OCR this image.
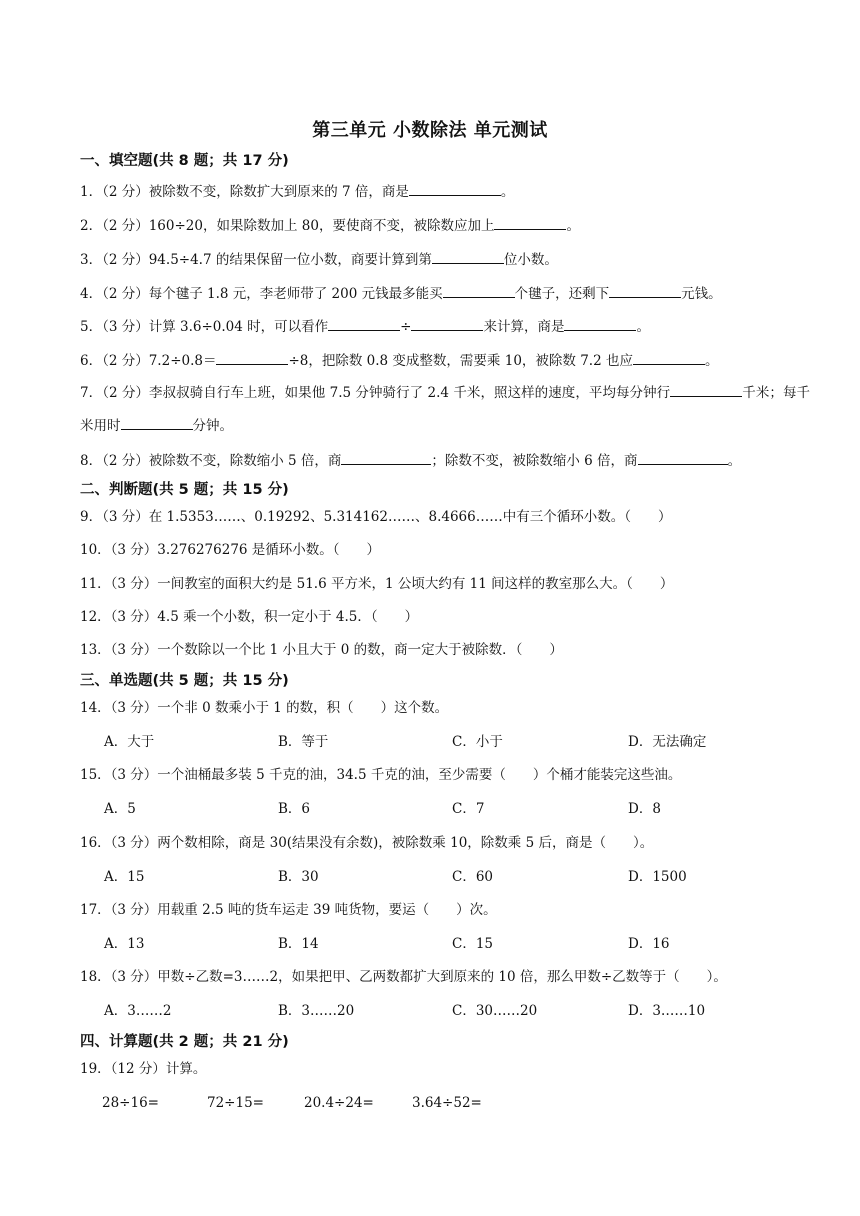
第三单元 小数除法 单元测试
一、填空题(共 8 题；共 17 分)
1．（2 分）被除数不变，除数扩大到原来的 7 倍，商是	。
2．（2 分）160÷20，如果除数加上 80，要使商不变，被除数应加上	。
3．（2 分）94.5÷4.7 的结果保留一位小数，商要计算到第	位小数。
4．（2 分）每个毽子 1.8 元，李老师带了 200 元钱最多能买	个毽子，还剩下	元钱。
5．（3 分）计算 3.6÷0.04 时，可以看作	÷	来计算，商是	。
6．（2 分）7.2÷0.8＝	÷8，把除数 0.8 变成整数，需要乘 10，被除数 7.2 也应	。
7．（2 分）李叔叔骑自行车上班，如果他 7.5 分钟骑行了 2.4 千米，照这样的速度，平均每分钟行	千米；每千米用时	分钟。
8．（2 分）被除数不变，除数缩小 5 倍，商	；除数不变，被除数缩小 6 倍，商	。
二、判断题(共 5 题；共 15 分)
9．（3 分）在 1.5353……、0.19292、5.314162……、8.4666……中有三个循环小数。（　　）
10．（3 分）3.276276276 是循环小数。（　　）
11．（3 分）一间教室的面积大约是 51.6 平方米，1 公顷大约有 11 间这样的教室那么大。（　　）
12．（3 分）4.5 乘一个小数，积一定小于 4.5．（　　）
13．（3 分）一个数除以一个比 1 小且大于 0 的数，商一定大于被除数．（　　）
三、单选题(共 5 题；共 15 分)
14．（3 分）一个非 0 数乘小于 1 的数，积（　　）这个数。
A．大于	B．等于	C．小于	D．无法确定
15．（3 分）一个油桶最多装 5 千克的油，34.5 千克的油，至少需要（　　）个桶才能装完这些油。
A．5	B．6	C．7	D．8
16．（3 分）两个数相除，商是 30(结果没有余数)，被除数乘 10，除数乘 5 后，商是（　　）。
A．15	B．30	C．60	D．1500
17．（3 分）用载重 2.5 吨的货车运走 39 吨货物，要运（　　）次。
A．13	B．14	C．15	D．16
18．（3 分）甲数÷乙数=3……2，如果把甲、乙两数都扩大到原来的 10 倍，那么甲数÷乙数等于（　　）。
A．3……2	B．3……20	C．30……20	D．3……10
四、计算题(共 2 题；共 21 分)
19．（12 分）计算。
28÷16=	72÷15=	20.4÷24=	3.64÷52=
